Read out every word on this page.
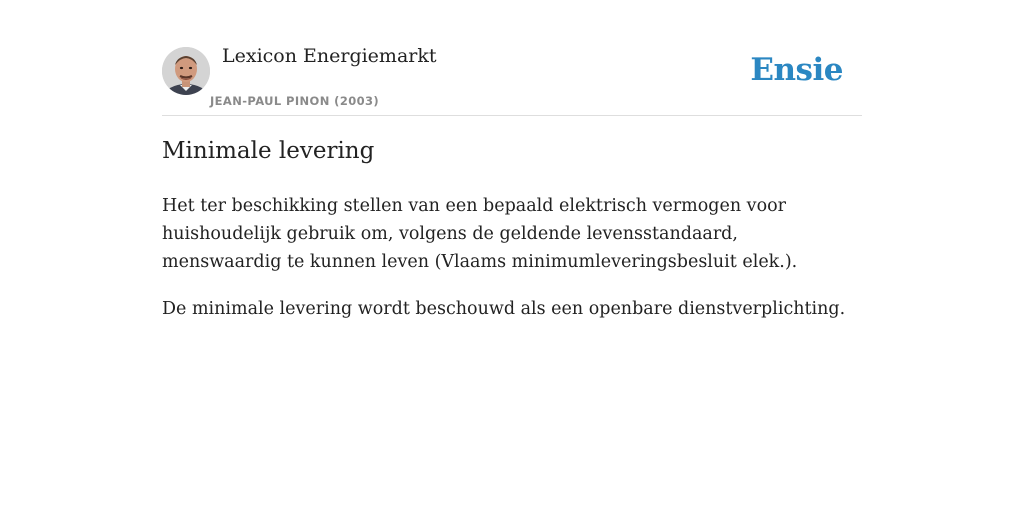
Lexicon Energiemarkt
JEAN-PAUL PINON (2003)
Ensie
Minimale levering

Het ter beschikking stellen van een bepaald elektrisch vermogen voor huishoudelijk gebruik om, volgens de geldende levensstandaard, menswaardig te kunnen leven (Vlaams minimumleveringsbesluit elek.).

De minimale levering wordt beschouwd als een openbare dienstverplichting.
